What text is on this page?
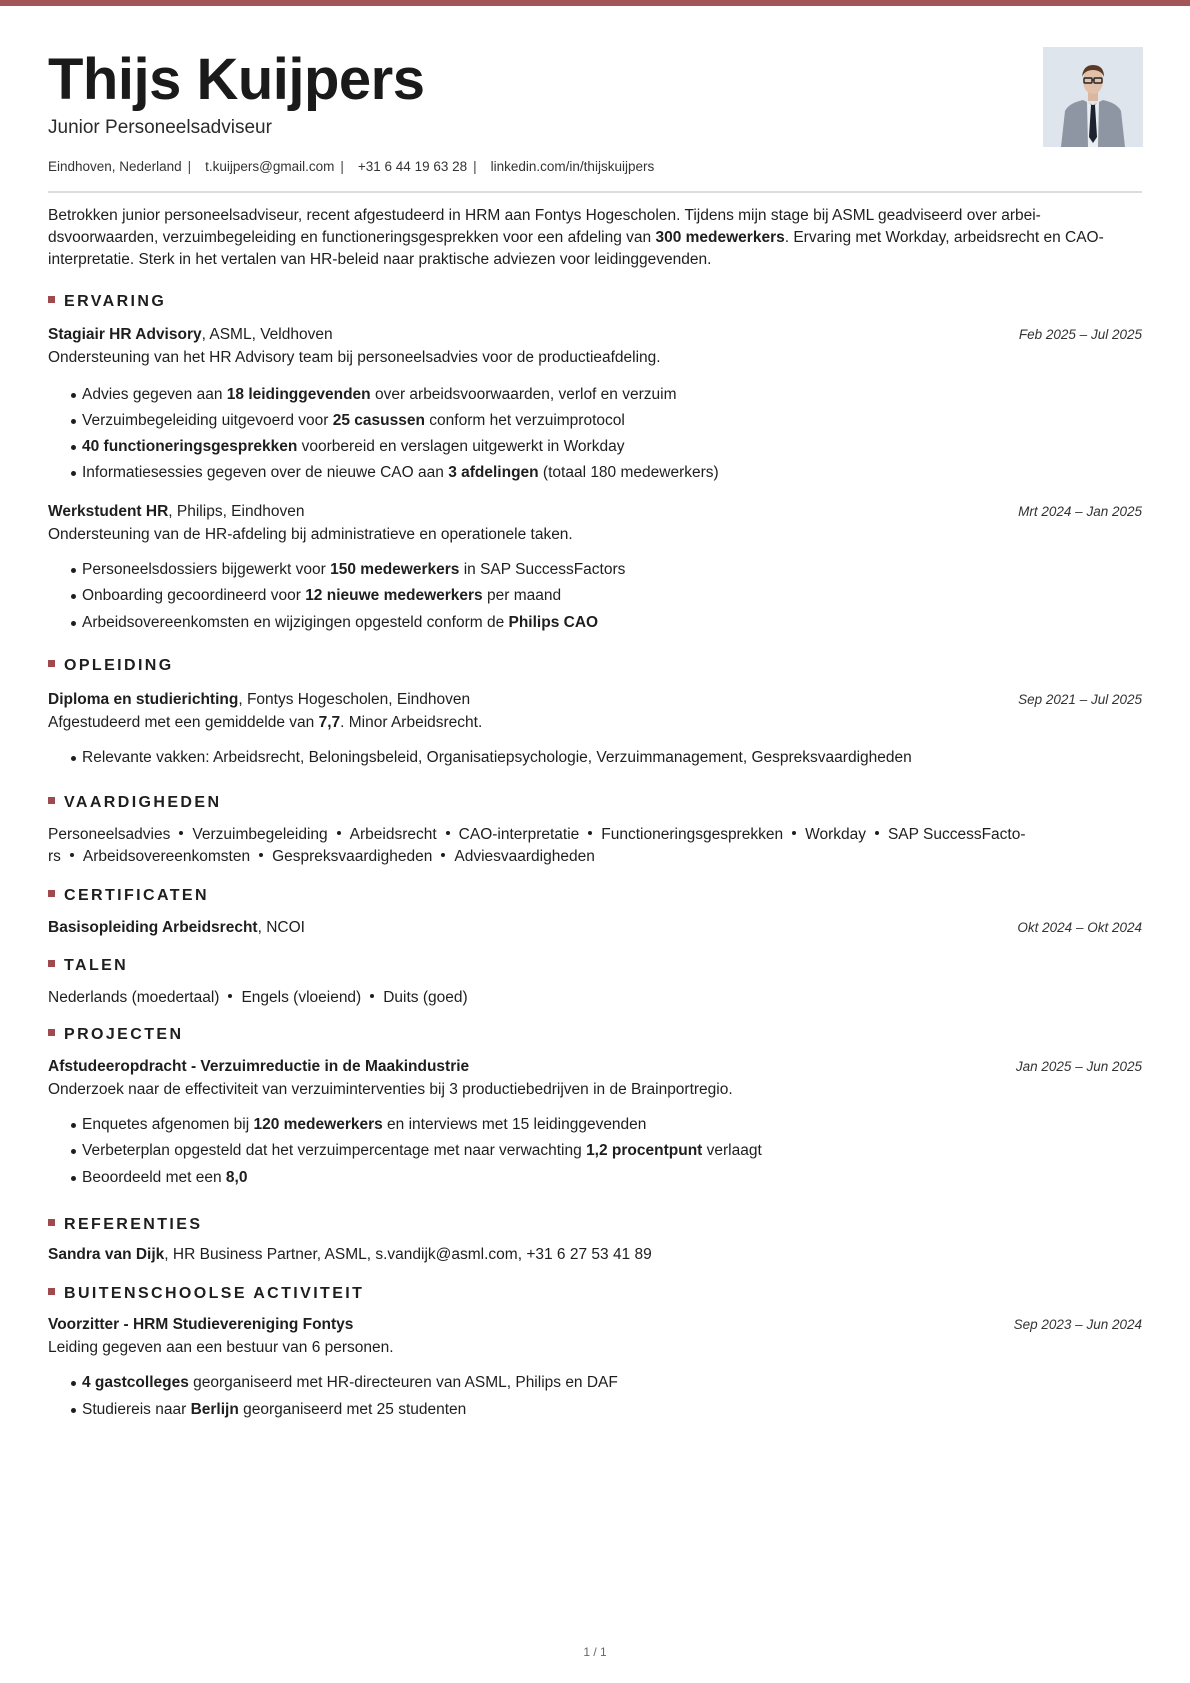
Thijs Kuijpers
Junior Personeelsadviseur
Eindhoven, Nederland | t.kuijpers@gmail.com | +31 6 44 19 63 28 | linkedin.com/in/thijskuijpers
Betrokken junior personeelsadviseur, recent afgestudeerd in HRM aan Fontys Hogescholen. Tijdens mijn stage bij ASML geadviseerd over arbei-dsvoorwaarden, verzuimbegeleiding en functioneringsgesprekken voor een afdeling van 300 medewerkers. Ervaring met Workday, arbeidsrecht en CAO-interpretatie. Sterk in het vertalen van HR-beleid naar praktische adviezen voor leidinggevenden.
ERVARING
Stagiair HR Advisory, ASML, Veldhoven	Feb 2025 – Jul 2025
Ondersteuning van het HR Advisory team bij personeelsadvies voor de productieafdeling.
Advies gegeven aan 18 leidinggevenden over arbeidsvoorwaarden, verlof en verzuim
Verzuimbegeleiding uitgevoerd voor 25 casussen conform het verzuimprotocol
40 functioneringsgesprekken voorbereid en verslagen uitgewerkt in Workday
Informatiesessies gegeven over de nieuwe CAO aan 3 afdelingen (totaal 180 medewerkers)
Werkstudent HR, Philips, Eindhoven	Mrt 2024 – Jan 2025
Ondersteuning van de HR-afdeling bij administratieve en operationele taken.
Personeelsdossiers bijgewerkt voor 150 medewerkers in SAP SuccessFactors
Onboarding gecoordineerd voor 12 nieuwe medewerkers per maand
Arbeidsovereenkomsten en wijzigingen opgesteld conform de Philips CAO
OPLEIDING
Diploma en studierichting, Fontys Hogescholen, Eindhoven	Sep 2021 – Jul 2025
Afgestudeerd met een gemiddelde van 7,7. Minor Arbeidsrecht.
Relevante vakken: Arbeidsrecht, Beloningsbeleid, Organisatiepsychologie, Verzuimmanagement, Gespreksvaardigheden
VAARDIGHEDEN
Personeelsadvies Verzuimbegeleiding Arbeidsrecht CAO-interpretatie Functioneringsgesprekken Workday SAP SuccessFacto-
rs Arbeidsovereenkomsten Gespreksvaardigheden Adviesvaardigheden
CERTIFICATEN
Basisopleiding Arbeidsrecht, NCOI	Okt 2024 – Okt 2024
TALEN
Nederlands (moedertaal) Engels (vloeiend) Duits (goed)
PROJECTEN
Afstudeeropdracht - Verzuimreductie in de Maakindustrie	Jan 2025 – Jun 2025
Onderzoek naar de effectiviteit van verzuiminterventies bij 3 productiebedrijven in de Brainportregio.
Enquetes afgenomen bij 120 medewerkers en interviews met 15 leidinggevenden
Verbeterplan opgesteld dat het verzuimpercentage met naar verwachting 1,2 procentpunt verlaagt
Beoordeeld met een 8,0
REFERENTIES
Sandra van Dijk, HR Business Partner, ASML, s.vandijk@asml.com, +31 6 27 53 41 89
BUITENSCHOOLSE ACTIVITEIT
Voorzitter - HRM Studievereniging Fontys	Sep 2023 – Jun 2024
Leiding gegeven aan een bestuur van 6 personen.
4 gastcolleges georganiseerd met HR-directeuren van ASML, Philips en DAF
Studiereis naar Berlijn georganiseerd met 25 studenten
1 / 1
